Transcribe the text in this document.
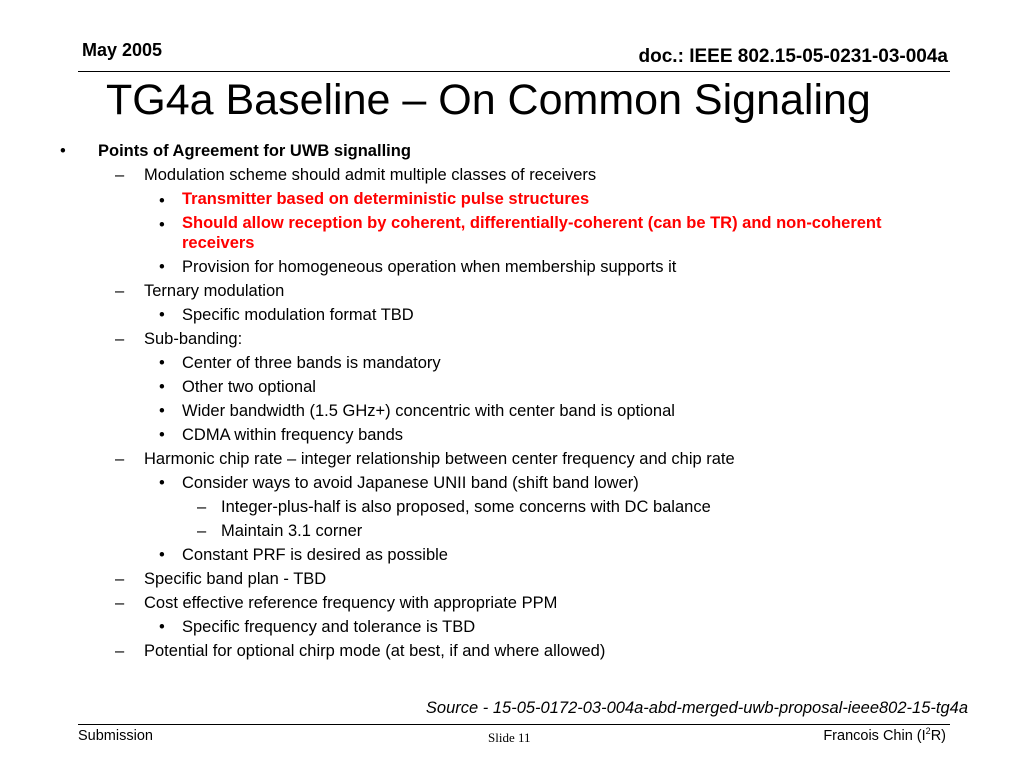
May 2005	doc.: IEEE 802.15-05-0231-03-004a
TG4a Baseline – On Common Signaling
• Points of Agreement for UWB signalling
– Modulation scheme should admit multiple classes of receivers
• Transmitter based on deterministic pulse structures
• Should allow reception by coherent, differentially-coherent (can be TR) and non-coherent receivers
• Provision for homogeneous operation when membership supports it
– Ternary modulation
• Specific modulation format TBD
– Sub-banding:
• Center of three bands is mandatory
• Other two optional
• Wider bandwidth (1.5 GHz+) concentric with center band is optional
• CDMA within frequency bands
– Harmonic chip rate – integer relationship between center frequency and chip rate
• Consider ways to avoid Japanese UNII band (shift band lower)
– Integer-plus-half is also proposed, some concerns with DC balance
– Maintain 3.1 corner
• Constant PRF is desired as possible
– Specific band plan - TBD
– Cost effective reference frequency with appropriate PPM
• Specific frequency and tolerance is TBD
– Potential for optional chirp mode (at best, if and where allowed)
Source - 15-05-0172-03-004a-abd-merged-uwb-proposal-ieee802-15-tg4a
Submission	Slide 11	Francois Chin $(I^2R)$
